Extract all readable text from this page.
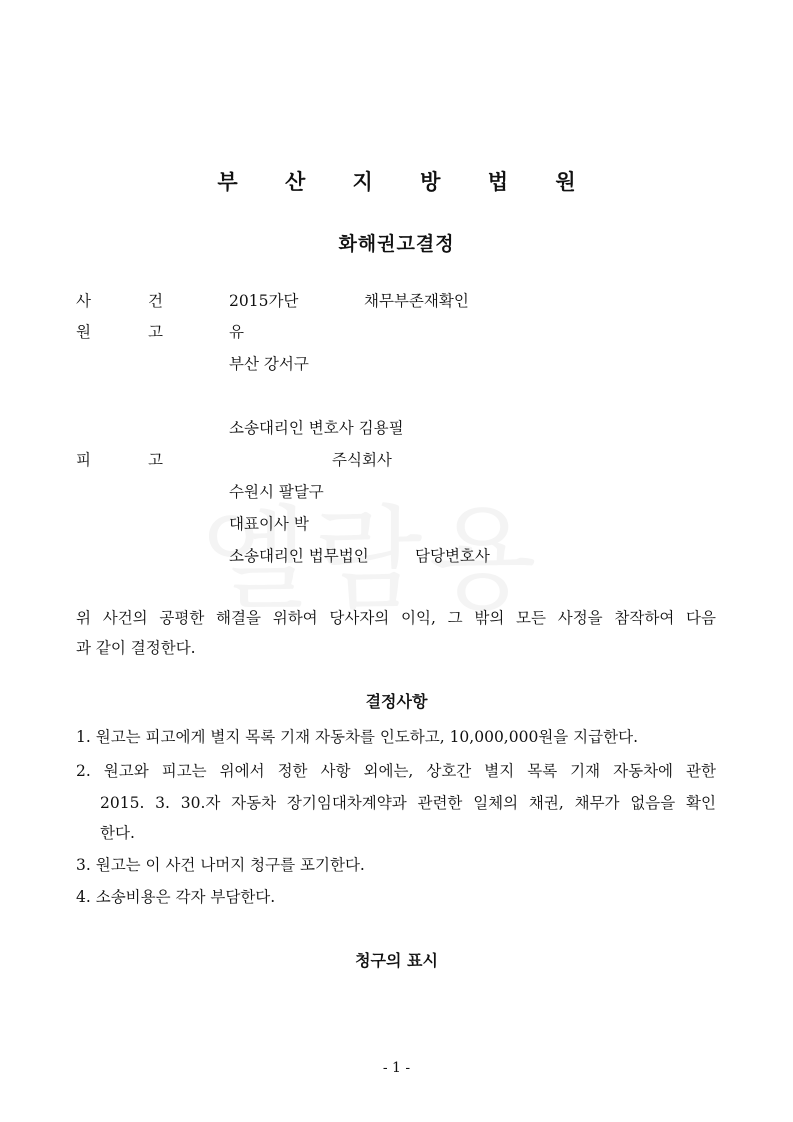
부 산 지 방 법 원
화해권고결정
사	건	2015가단	채무부존재확인
원	고	유
부산 강서구
소송대리인 변호사 김용필
피	고	주식회사
수원시 팔달구
대표이사 박
소송대리인 법무법인	담당변호사
위 사건의 공평한 해결을 위하여 당사자의 이익, 그 밖의 모든 사정을 참작하여 다음
과 같이 결정한다.
결정사항
1. 원고는 피고에게 별지 목록 기재 자동차를 인도하고, 10,000,000원을 지급한다.
2. 원고와 피고는 위에서 정한 사항 외에는, 상호간 별지 목록 기재 자동차에 관한
2015. 3. 30.자 자동차 장기임대차계약과 관련한 일체의 채권, 채무가 없음을 확인
한다.
3. 원고는 이 사건 나머지 청구를 포기한다.
4. 소송비용은 각자 부담한다.
청구의 표시
- 1 -
